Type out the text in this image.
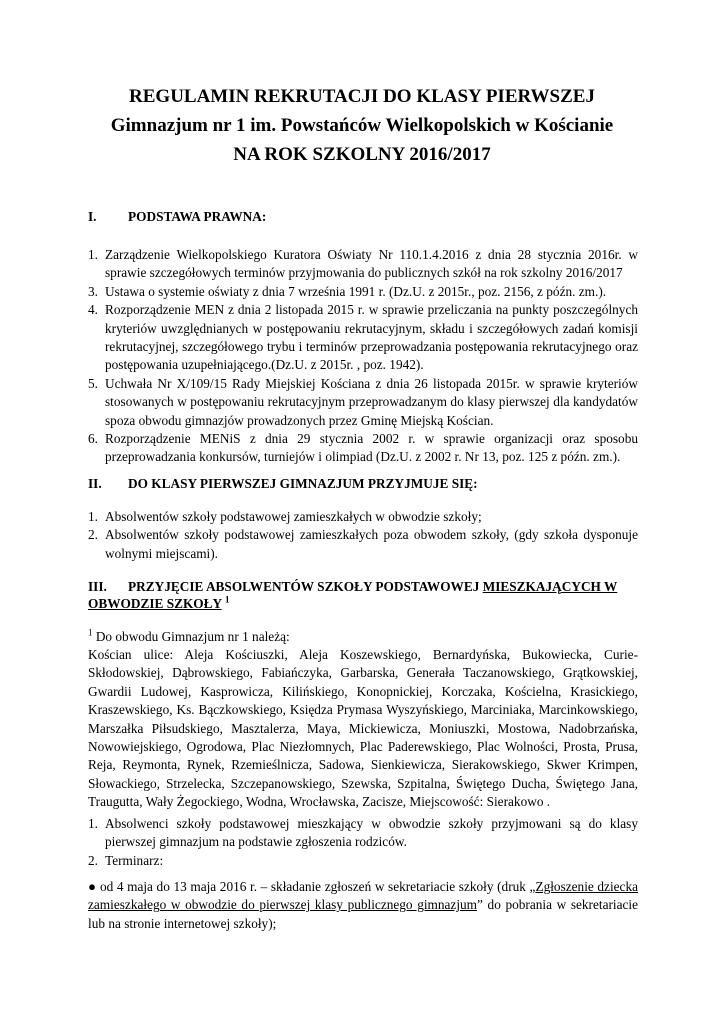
REGULAMIN REKRUTACJI DO KLASY PIERWSZEJ
Gimnazjum nr 1 im. Powstańców Wielkopolskich w Kościanie
NA ROK SZKOLNY 2016/2017
I. PODSTAWA PRAWNA:
1. Zarządzenie Wielkopolskiego Kuratora Oświaty Nr 110.1.4.2016 z dnia 28 stycznia 2016r. w sprawie szczegółowych terminów przyjmowania do publicznych szkół na rok szkolny 2016/2017
3. Ustawa o systemie oświaty z dnia 7 września 1991 r. (Dz.U. z 2015r., poz. 2156, z późn. zm.).
4. Rozporządzenie MEN z dnia 2 listopada 2015 r. w sprawie przeliczania na punkty poszczególnych kryteriów uwzględnianych w postępowaniu rekrutacyjnym, składu i szczegółowych zadań komisji rekrutacyjnej, szczegółowego trybu i terminów przeprowadzania postępowania rekrutacyjnego oraz postępowania uzupełniającego.(Dz.U. z 2015r. , poz. 1942).
5. Uchwała Nr X/109/15 Rady Miejskiej Kościana z dnia 26 listopada 2015r. w sprawie kryteriów stosowanych w postępowaniu rekrutacyjnym przeprowadzanym do klasy pierwszej dla kandydatów spoza obwodu gimnazjów prowadzonych przez Gminę Miejską Kościan.
6. Rozporządzenie MENiS z dnia 29 stycznia 2002 r. w sprawie organizacji oraz sposobu przeprowadzania konkursów, turniejów i olimpiad (Dz.U. z 2002 r. Nr 13, poz. 125 z późn. zm.).
II. DO KLASY PIERWSZEJ GIMNAZJUM PRZYJMUJE SIĘ:
1. Absolwentów szkoły podstawowej zamieszkałych w obwodzie szkoły;
2. Absolwentów szkoły podstawowej zamieszkałych poza obwodem szkoły, (gdy szkoła dysponuje wolnymi miejscami).
III. PRZYJĘCIE ABSOLWENTÓW SZKOŁY PODSTAWOWEJ MIESZKAJĄCYCH W
OBWODZIE SZKOŁY $^1$
$^1$ Do obwodu Gimnazjum nr 1 należą:
Kościan ulice: Aleja Kościuszki, Aleja Koszewskiego, Bernardyńska, Bukowiecka, Curie-Skłodowskiej, Dąbrowskiego, Fabiańczyka, Garbarska, Generała Taczanowskiego, Grątkowskiej, Gwardii Ludowej, Kasprowicza, Kilińskiego, Konopnickiej, Korczaka, Kościelna, Krasickiego, Kraszewskiego, Ks. Bączkowskiego, Księdza Prymasa Wyszyńskiego, Marciniaka, Marcinkowskiego, Marszałka Piłsudskiego, Masztalerza, Maya, Mickiewicza, Moniuszki, Mostowa, Nadobrzańska, Nowowiejskiego, Ogrodowa, Plac Niezłomnych, Plac Paderewskiego, Plac Wolności, Prosta, Prusa, Reja, Reymonta, Rynek, Rzemieślnicza, Sadowa, Sienkiewicza, Sierakowskiego, Skwer Krimpen, Słowackiego, Strzelecka, Szczepanowskiego, Szewska, Szpitalna, Świętego Ducha, Świętego Jana, Traugutta, Wały Żegockiego, Wodna, Wrocławska, Zacisze, Miejscowość: Sierakowo .
1. Absolwenci szkoły podstawowej mieszkający w obwodzie szkoły przyjmowani są do klasy pierwszej gimnazjum na podstawie zgłoszenia rodziców.
2. Terminarz:
● od 4 maja do 13 maja 2016 r. – składanie zgłoszeń w sekretariacie szkoły (druk „Zgłoszenie dziecka zamieszkałego w obwodzie do pierwszej klasy publicznego gimnazjum” do pobrania w sekretariacie lub na stronie internetowej szkoły);
